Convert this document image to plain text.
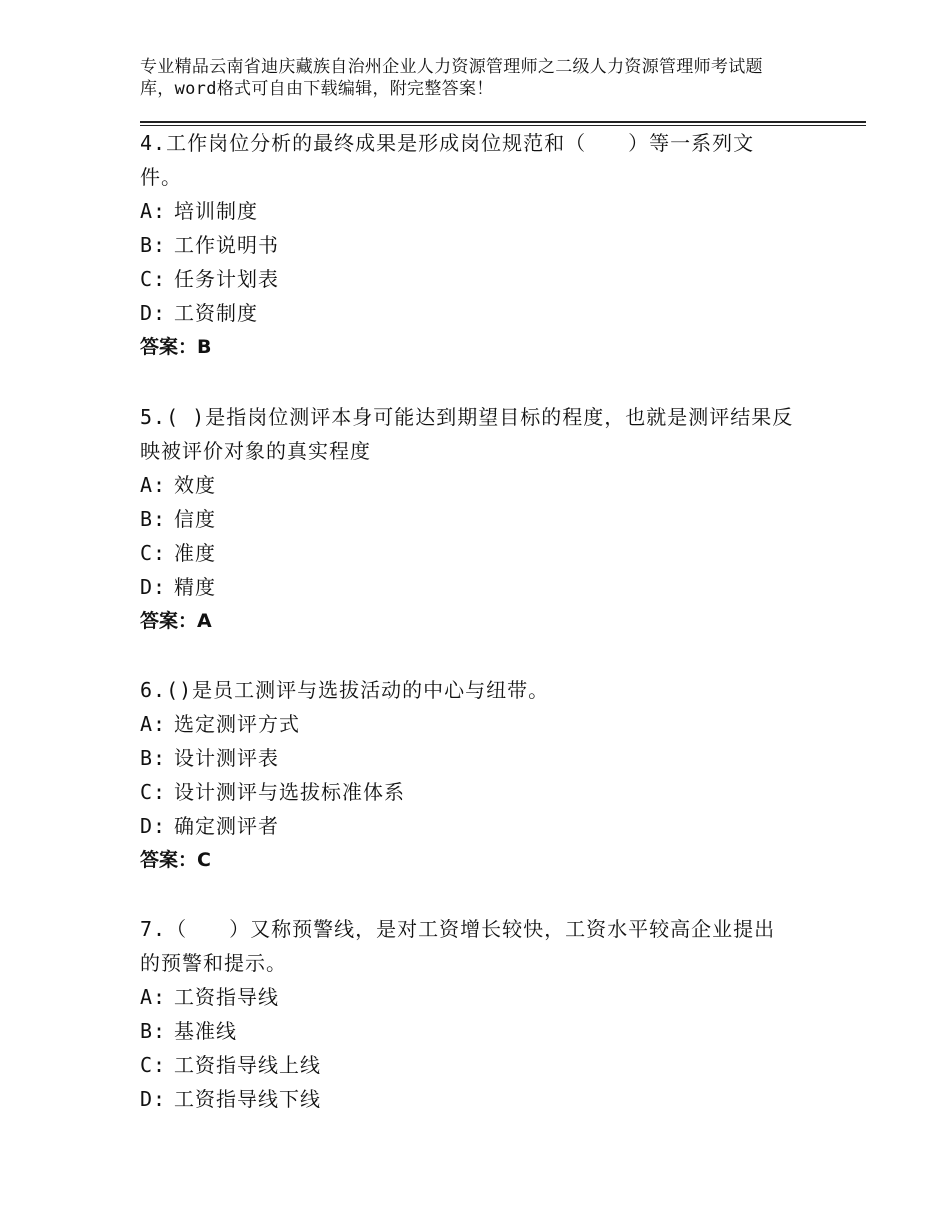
专业精品云南省迪庆藏族自治州企业人力资源管理师之二级人力资源管理师考试题
库，word格式可自由下载编辑，附完整答案！

4.工作岗位分析的最终成果是形成岗位规范和（　　）等一系列文

件。

A: 培训制度

B: 工作说明书

C: 任务计划表

D: 工资制度

答案：B

5.( )是指岗位测评本身可能达到期望目标的程度，也就是测评结果反

映被评价对象的真实程度

A: 效度

B: 信度

C: 准度

D: 精度

答案：A

6.()是员工测评与选拔活动的中心与纽带。

A: 选定测评方式

B: 设计测评表

C: 设计测评与选拔标准体系

D: 确定测评者

答案：C

7.（　　）又称预警线，是对工资增长较快，工资水平较高企业提出

的预警和提示。

A: 工资指导线

B: 基准线

C: 工资指导线上线

D: 工资指导线下线
